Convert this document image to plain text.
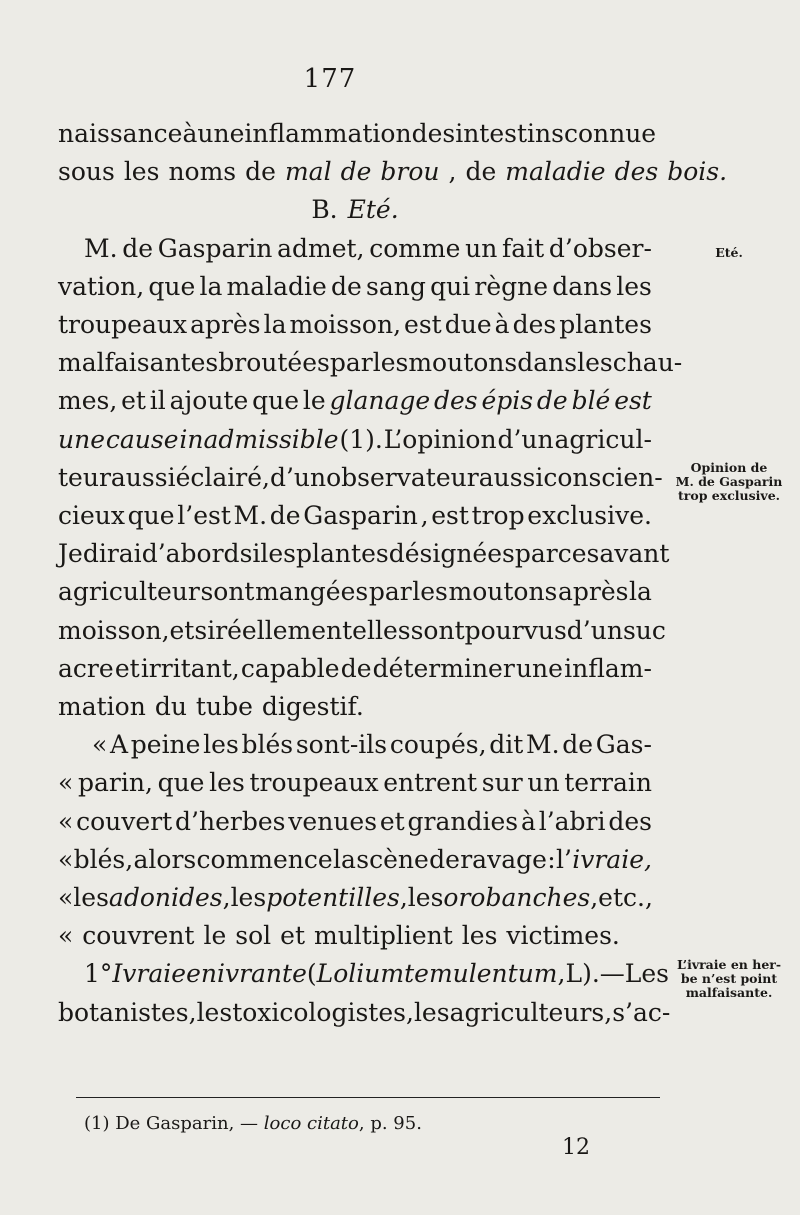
177
naissance à une inflammation des intestins connue
sous les noms de mal de brou , de maladie des bois.
B. Eté.
M. de Gasparin admet, comme un fait d’obser-
vation, que la maladie de sang qui règne dans les
troupeaux après la moisson, est due à des plantes
malfaisantes broutées par les moutons dans les chau-
mes, et il ajoute que le glanage des épis de blé est
une cause inadmissible (1). L’opinion d’un agricul-
teur aussi éclairé, d’un observateur aussi conscien-
cieux que l’est M. de Gasparin , est trop exclusive.
Je dirai d’abord si les plantes désignées par ce savant
agriculteur sont mangées par les moutons après la
moisson, et si réellement elles sont pourvus d’un suc
acre et irritant, capable de déterminer une inflam-
mation du tube digestif.
« A peine les blés sont-ils coupés, dit M. de Gas-
« parin, que les troupeaux entrent sur un terrain
« couvert d’herbes venues et grandies à l’abri des
« blés, alors commence la scène de ravage : l’ ivraie,
« les adonides , les potentilles , les orobanches , etc.,
« couvrent le sol et multiplient les victimes.
1° Ivraie enivrante ( Lolium temulentum , L). — Les
botanistes, les toxicologistes, les agriculteurs, s’ac-
Eté.
Opinion de
M. de Gasparin
trop exclusive.
L’ivraie en her-
be n’est point
malfaisante.
(1) De Gasparin, — loco citato, p. 95.
12
